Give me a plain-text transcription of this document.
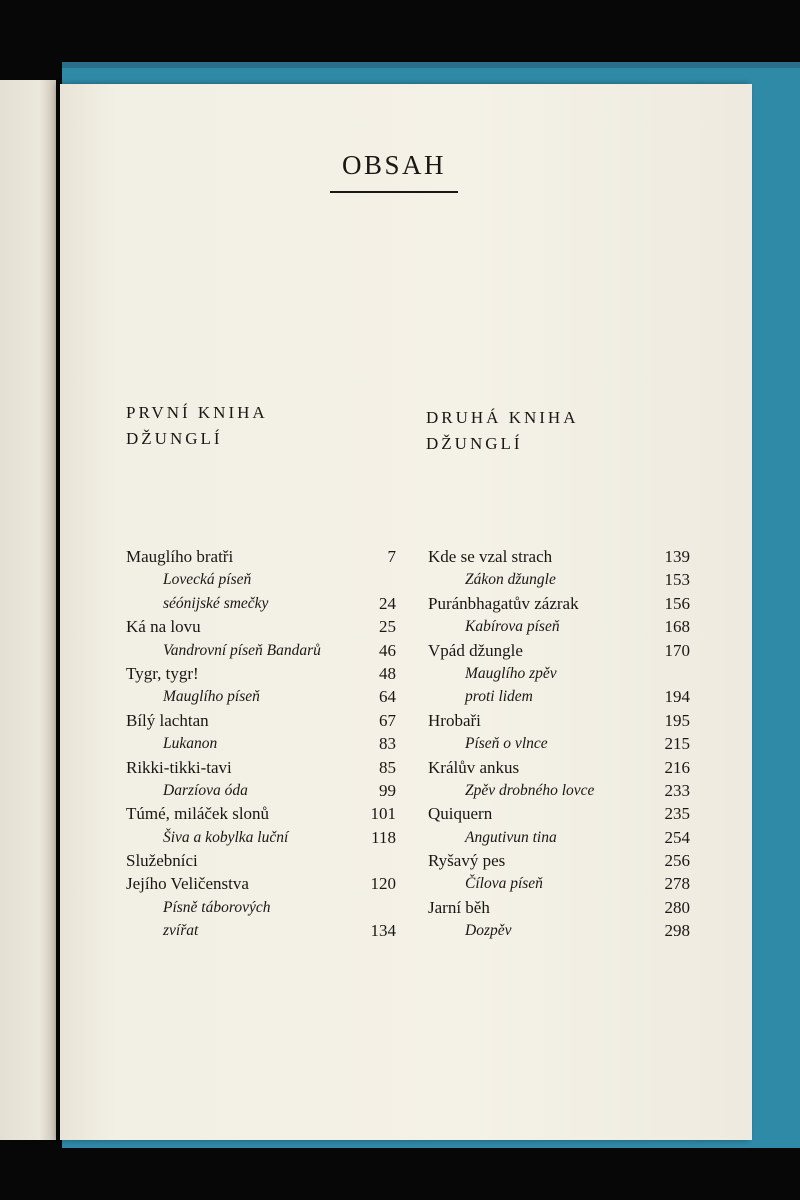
OBSAH
PRVNÍ KNIHA
DŽUNGLÍ
DRUHÁ KNIHA
DŽUNGLÍ
Mauglího bratři	7
Lovecká píseň
séónijské smečky	24
Ká na lovu	25
Vandrovní píseň Bandarů	46
Tygr, tygr!	48
Mauglího píseň	64
Bílý lachtan	67
Lukanon	83
Rikki-tikki-tavi	85
Darzíova óda	99
Túmé, miláček slonů	101
Šiva a kobylka luční	118
Služebníci
Jejího Veličenstva	120
Písně táborových
zvířat	134
Kde se vzal strach	139
Zákon džungle	153
Puránbhagatův zázrak	156
Kabírova píseň	168
Vpád džungle	170
Mauglího zpěv
proti lidem	194
Hrobaři	195
Píseň o vlnce	215
Králův ankus	216
Zpěv drobného lovce	233
Quiquern	235
Angutivun tina	254
Ryšavý pes	256
Čílova píseň	278
Jarní běh	280
Dozpěv	298
